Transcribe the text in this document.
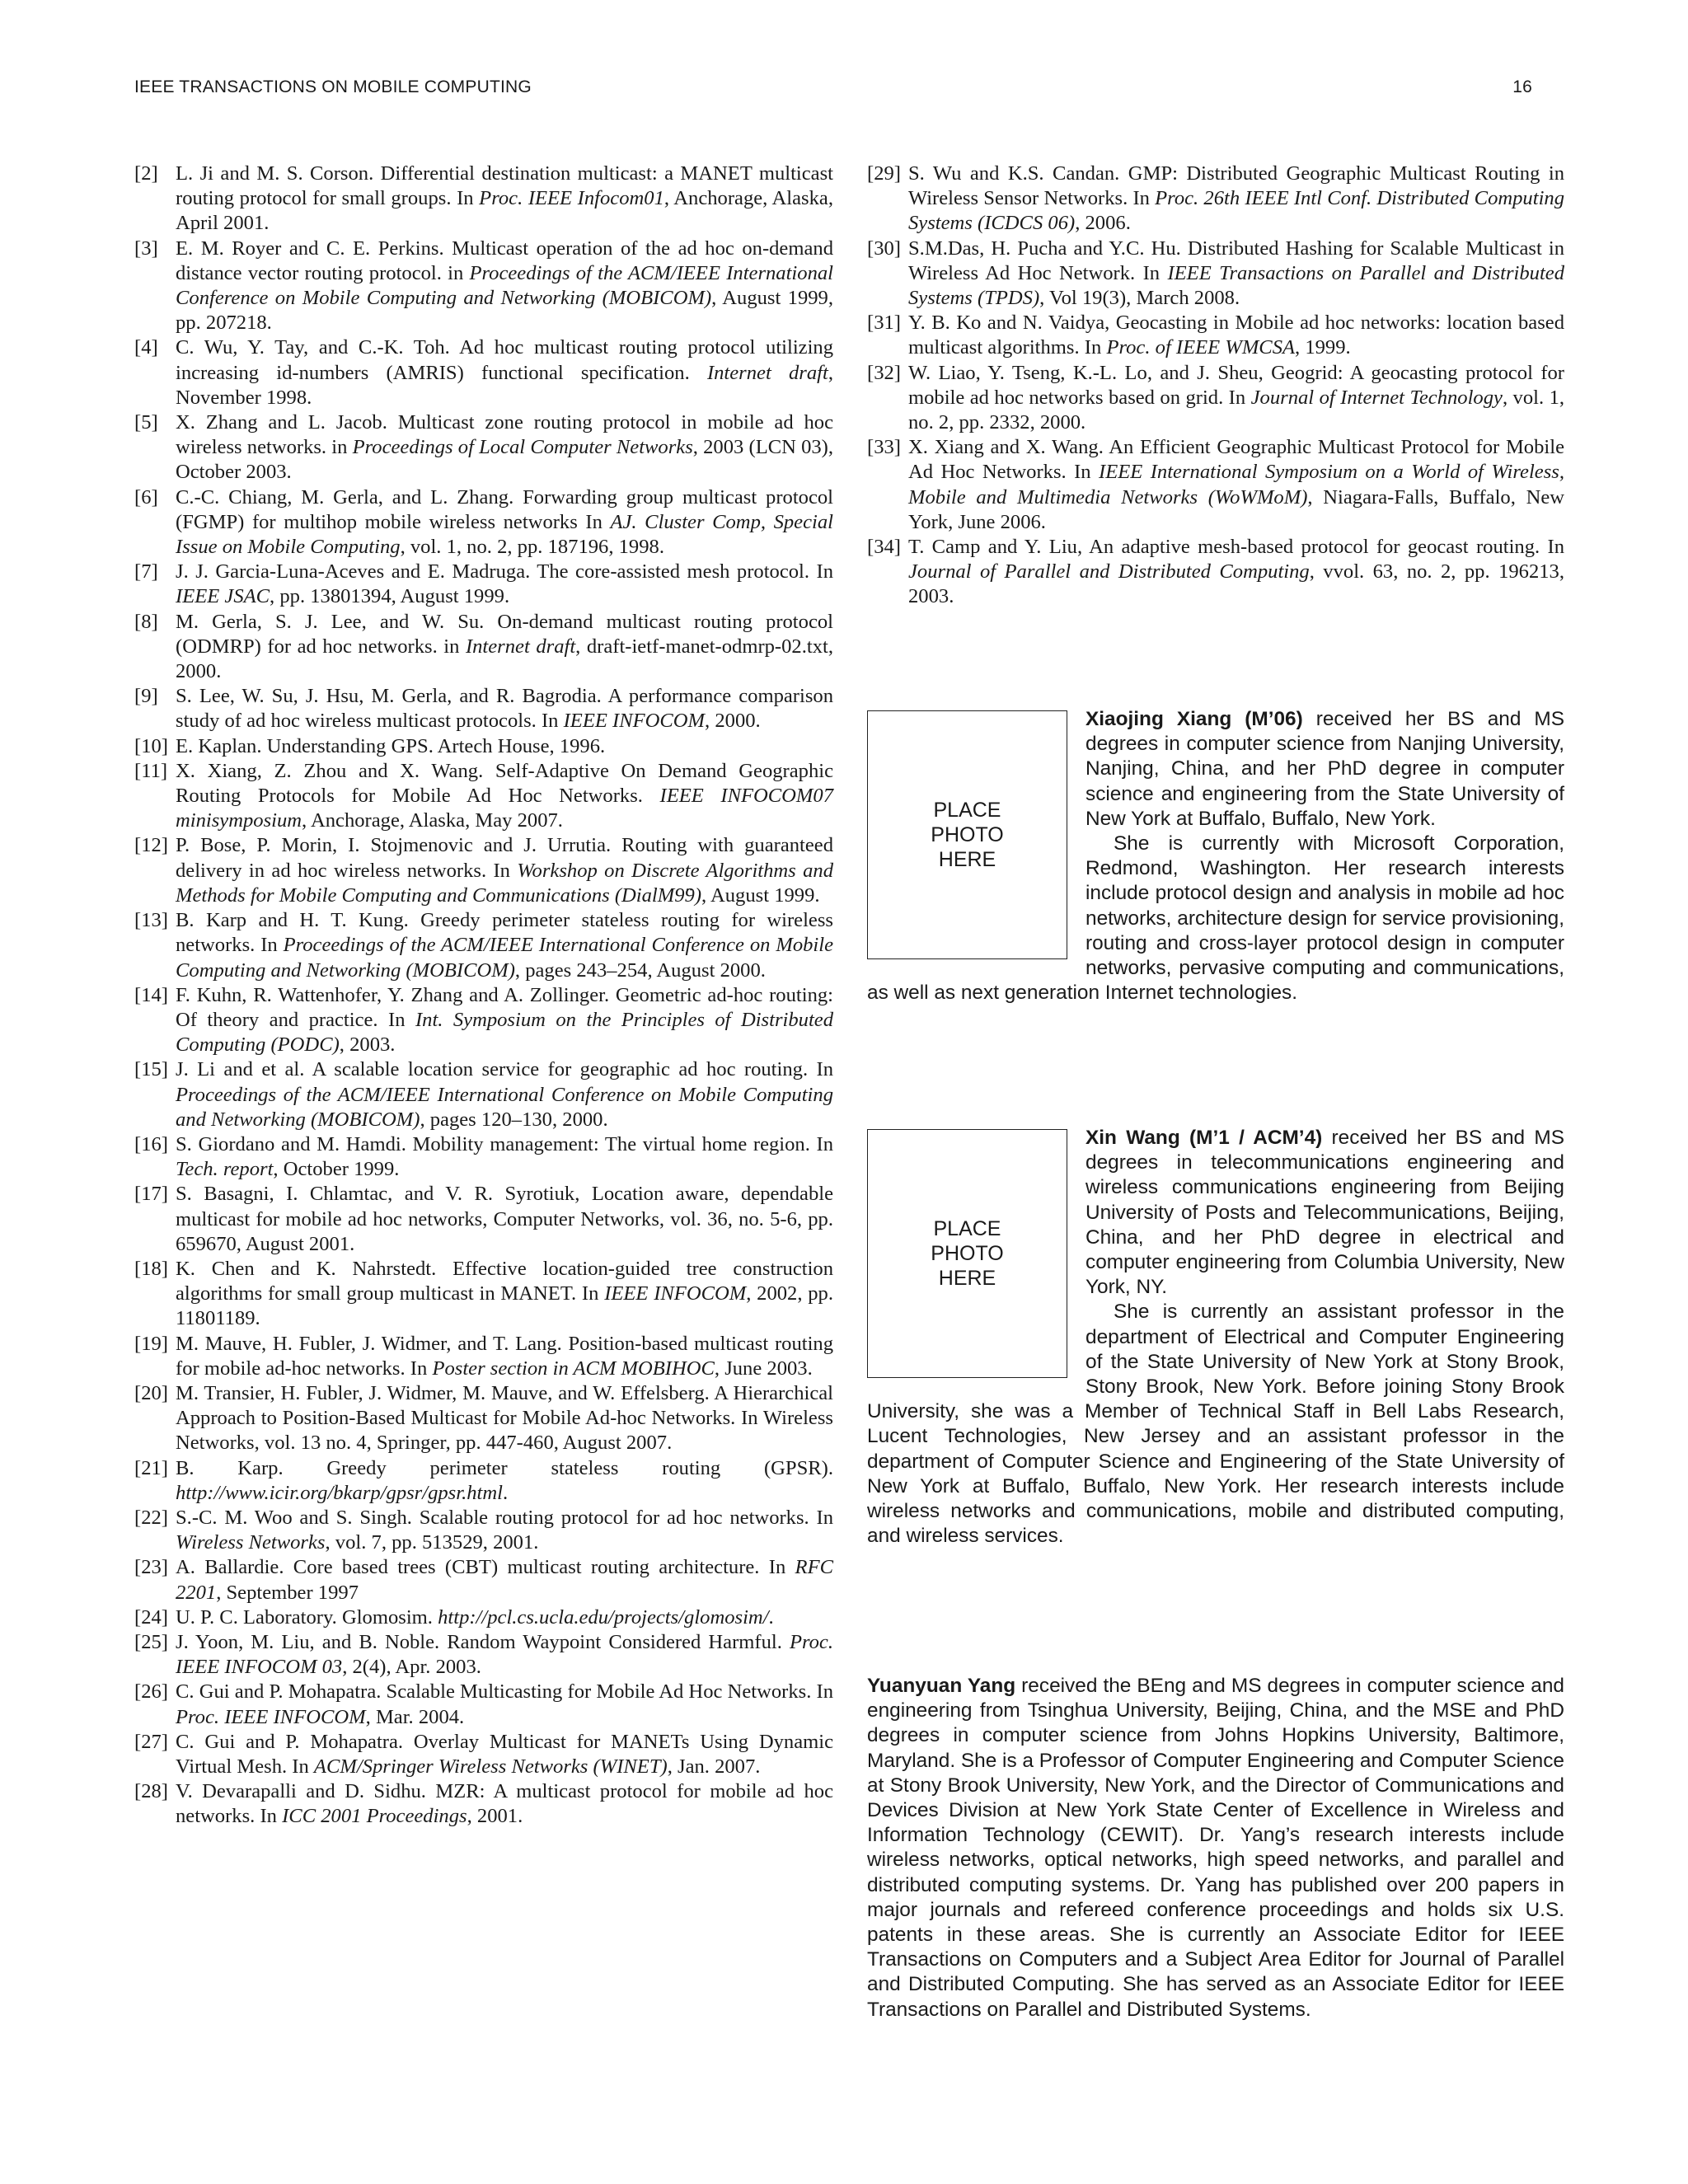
IEEE TRANSACTIONS ON MOBILE COMPUTING	16

[2] L. Ji and M. S. Corson. Differential destination multicast: a MANET multicast routing protocol for small groups. In Proc. IEEE Infocom01, Anchorage, Alaska, April 2001.

[3] E. M. Royer and C. E. Perkins. Multicast operation of the ad hoc on-demand distance vector routing protocol. in Proceedings of the ACM/IEEE International Conference on Mobile Computing and Networking (MOBICOM), August 1999, pp. 207218.

[4] C. Wu, Y. Tay, and C.-K. Toh. Ad hoc multicast routing protocol utilizing increasing id-numbers (AMRIS) functional specification. Internet draft, November 1998.

[5] X. Zhang and L. Jacob. Multicast zone routing protocol in mobile ad hoc wireless networks. in Proceedings of Local Computer Networks, 2003 (LCN 03), October 2003.

[6] C.-C. Chiang, M. Gerla, and L. Zhang. Forwarding group multicast protocol (FGMP) for multihop mobile wireless networks In AJ. Cluster Comp, Special Issue on Mobile Computing, vol. 1, no. 2, pp. 187196, 1998.

[7] J. J. Garcia-Luna-Aceves and E. Madruga. The core-assisted mesh protocol. In IEEE JSAC, pp. 13801394, August 1999.

[8] M. Gerla, S. J. Lee, and W. Su. On-demand multicast routing protocol (ODMRP) for ad hoc networks. in Internet draft, draft-ietf-manet-odmrp-02.txt, 2000.

[9] S. Lee, W. Su, J. Hsu, M. Gerla, and R. Bagrodia. A performance comparison study of ad hoc wireless multicast protocols. In IEEE INFOCOM, 2000.

[10] E. Kaplan. Understanding GPS. Artech House, 1996.

[11] X. Xiang, Z. Zhou and X. Wang. Self-Adaptive On Demand Geographic Routing Protocols for Mobile Ad Hoc Networks. IEEE INFOCOM07 minisymposium, Anchorage, Alaska, May 2007.

[12] P. Bose, P. Morin, I. Stojmenovic and J. Urrutia. Routing with guaranteed delivery in ad hoc wireless networks. In Workshop on Discrete Algorithms and Methods for Mobile Computing and Communications (DialM9̈9), August 1999.

[13] B. Karp and H. T. Kung. Greedy perimeter stateless routing for wireless networks. In Proceedings of the ACM/IEEE International Conference on Mobile Computing and Networking (MOBICOM), pages 243–254, August 2000.

[14] F. Kuhn, R. Wattenhofer, Y. Zhang and A. Zollinger. Geometric ad-hoc routing: Of theory and practice. In Int. Symposium on the Principles of Distributed Computing (PODC), 2003.

[15] J. Li and et al. A scalable location service for geographic ad hoc routing. In Proceedings of the ACM/IEEE International Conference on Mobile Computing and Networking (MOBICOM), pages 120–130, 2000.

[16] S. Giordano and M. Hamdi. Mobility management: The virtual home region. In Tech. report, October 1999.

[17] S. Basagni, I. Chlamtac, and V. R. Syrotiuk, Location aware, dependable multicast for mobile ad hoc networks, Computer Networks, vol. 36, no. 5-6, pp. 659670, August 2001.

[18] K. Chen and K. Nahrstedt. Effective location-guided tree construction algorithms for small group multicast in MANET. In IEEE INFOCOM, 2002, pp. 11801189.

[19] M. Mauve, H. Fubler, J. Widmer, and T. Lang. Position-based multicast routing for mobile ad-hoc networks. In Poster section in ACM MOBIHOC, June 2003.

[20] M. Transier, H. Fubler, J. Widmer, M. Mauve, and W. Effelsberg. A Hierarchical Approach to Position-Based Multicast for Mobile Ad-hoc Networks. In Wireless Networks, vol. 13 no. 4, Springer, pp. 447-460, August 2007.

[21] B. Karp. Greedy perimeter stateless routing (GPSR). http://www.icir.org/bkarp/gpsr/gpsr.html.

[22] S.-C. M. Woo and S. Singh. Scalable routing protocol for ad hoc networks. In Wireless Networks, vol. 7, pp. 513529, 2001.

[23] A. Ballardie. Core based trees (CBT) multicast routing architecture. In RFC 2201, September 1997

[24] U. P. C. Laboratory. Glomosim. http://pcl.cs.ucla.edu/projects/glomosim/.

[25] J. Yoon, M. Liu, and B. Noble. Random Waypoint Considered Harmful. Proc. IEEE INFOCOM 03, 2(4), Apr. 2003.

[26] C. Gui and P. Mohapatra. Scalable Multicasting for Mobile Ad Hoc Networks. In Proc. IEEE INFOCOM, Mar. 2004.

[27] C. Gui and P. Mohapatra. Overlay Multicast for MANETs Using Dynamic Virtual Mesh. In ACM/Springer Wireless Networks (WINET), Jan. 2007.

[28] V. Devarapalli and D. Sidhu. MZR: A multicast protocol for mobile ad hoc networks. In ICC 2001 Proceedings, 2001.

[29] S. Wu and K.S. Candan. GMP: Distributed Geographic Multicast Routing in Wireless Sensor Networks. In Proc. 26th IEEE Intl Conf. Distributed Computing Systems (ICDCS 06), 2006.

[30] S.M.Das, H. Pucha and Y.C. Hu. Distributed Hashing for Scalable Multicast in Wireless Ad Hoc Network. In IEEE Transactions on Parallel and Distributed Systems (TPDS), Vol 19(3), March 2008.

[31] Y. B. Ko and N. Vaidya, Geocasting in Mobile ad hoc networks: location based multicast algorithms. In Proc. of IEEE WMCSA, 1999.

[32] W. Liao, Y. Tseng, K.-L. Lo, and J. Sheu, Geogrid: A geocasting protocol for mobile ad hoc networks based on grid. In Journal of Internet Technology, vol. 1, no. 2, pp. 2332, 2000.

[33] X. Xiang and X. Wang. An Efficient Geographic Multicast Protocol for Mobile Ad Hoc Networks. In IEEE International Symposium on a World of Wireless, Mobile and Multimedia Networks (WoWMoM), Niagara-Falls, Buffalo, New York, June 2006.

[34] T. Camp and Y. Liu, An adaptive mesh-based protocol for geocast routing. In Journal of Parallel and Distributed Computing, vvol. 63, no. 2, pp. 196213, 2003.

PLACE PHOTO HERE

Xiaojing Xiang (M’06) received her BS and MS degrees in computer science from Nanjing University, Nanjing, China, and her PhD degree in computer science and engineering from the State University of New York at Buffalo, Buffalo, New York.

She is currently with Microsoft Corporation, Redmond, Washington. Her research interests include protocol design and analysis in mobile ad hoc networks, architecture design for service provisioning, routing and cross-layer protocol design in computer networks, pervasive computing and communications, as well as next generation Internet technologies.

PLACE PHOTO HERE

Xin Wang (M’1 / ACM’4) received her BS and MS degrees in telecommunications engineering and wireless communications engineering from Beijing University of Posts and Telecommunications, Beijing, China, and her PhD degree in electrical and computer engineering from Columbia University, New York, NY.

She is currently an assistant professor in the department of Electrical and Computer Engineering of the State University of New York at Stony Brook, Stony Brook, New York. Before joining Stony Brook University, she was a Member of Technical Staff in Bell Labs Research, Lucent Technologies, New Jersey and an assistant professor in the department of Computer Science and Engineering of the State University of New York at Buffalo, Buffalo, New York. Her research interests include wireless networks and communications, mobile and distributed computing, and wireless services.

Yuanyuan Yang received the BEng and MS degrees in computer science and engineering from Tsinghua University, Beijing, China, and the MSE and PhD degrees in computer science from Johns Hopkins University, Baltimore, Maryland. She is a Professor of Computer Engineering and Computer Science at Stony Brook University, New York, and the Director of Communications and Devices Division at New York State Center of Excellence in Wireless and Information Technology (CEWIT). Dr. Yang’s research interests include wireless networks, optical networks, high speed networks, and parallel and distributed computing systems. Dr. Yang has published over 200 papers in major journals and refereed conference proceedings and holds six U.S. patents in these areas. She is currently an Associate Editor for IEEE Transactions on Computers and a Subject Area Editor for Journal of Parallel and Distributed Computing. She has served as an Associate Editor for IEEE Transactions on Parallel and Distributed Systems.
